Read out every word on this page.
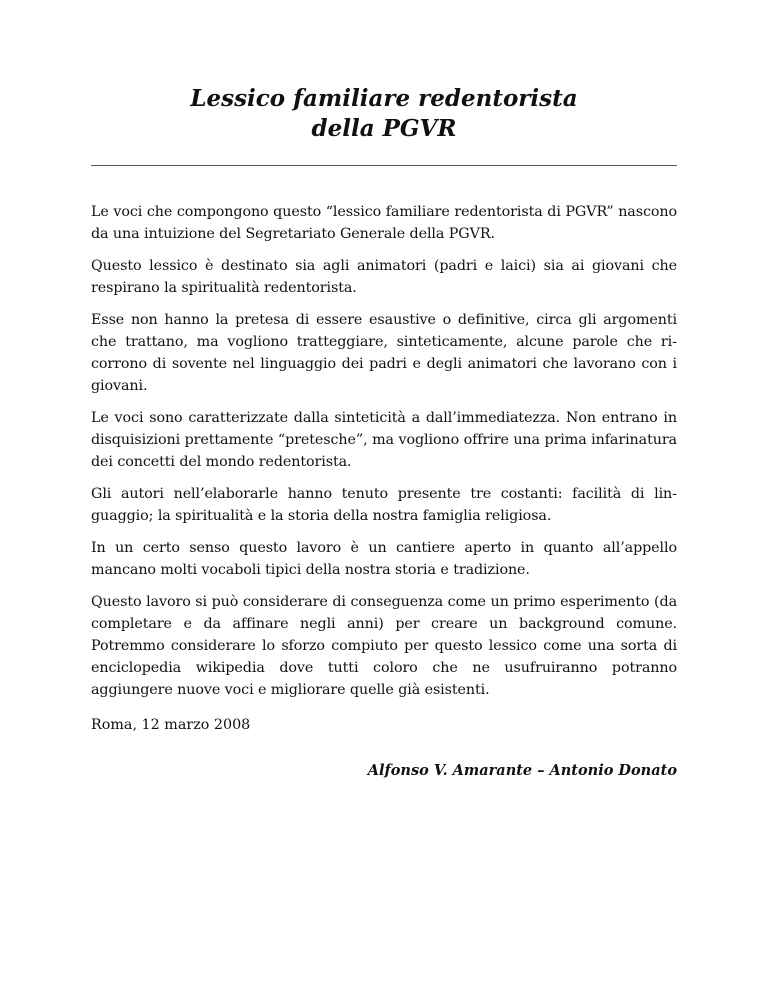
Lessico familiare redentorista

della PGVR

Le voci che compongono questo “lessico familiare redentorista di PGVR” nascono da una intuizione del Segretariato Generale della PGVR.

Questo lessico è destinato sia agli animatori (padri e laici) sia ai giovani che respirano la spiritualità redentorista.

Esse non hanno la pretesa di essere esaustive o definitive, circa gli argomenti che trattano, ma vogliono tratteggiare, sinteticamente, alcune parole che ricorrono di sovente nel linguaggio dei padri e degli animatori che lavorano con i giovani.

Le voci sono caratterizzate dalla sinteticità a dall’immediatezza. Non entrano in disquisizioni prettamente “pretesche”, ma vogliono offrire una prima infarinatura dei concetti del mondo redentorista.

Gli autori nell’elaborarle hanno tenuto presente tre costanti: facilità di linguaggio; la spiritualità e la storia della nostra famiglia religiosa.

In un certo senso questo lavoro è un cantiere aperto in quanto all’appello mancano molti vocaboli tipici della nostra storia e tradizione.

Questo lavoro si può considerare di conseguenza come un primo esperimento (da completare e da affinare negli anni) per creare un background comune. Potremmo considerare lo sforzo compiuto per questo lessico come una sorta di enciclopedia wikipedia dove tutti coloro che ne usufruiranno potranno aggiungere nuove voci e migliorare quelle già esistenti.

Roma, 12 marzo 2008

Alfonso V. Amarante – Antonio Donato
